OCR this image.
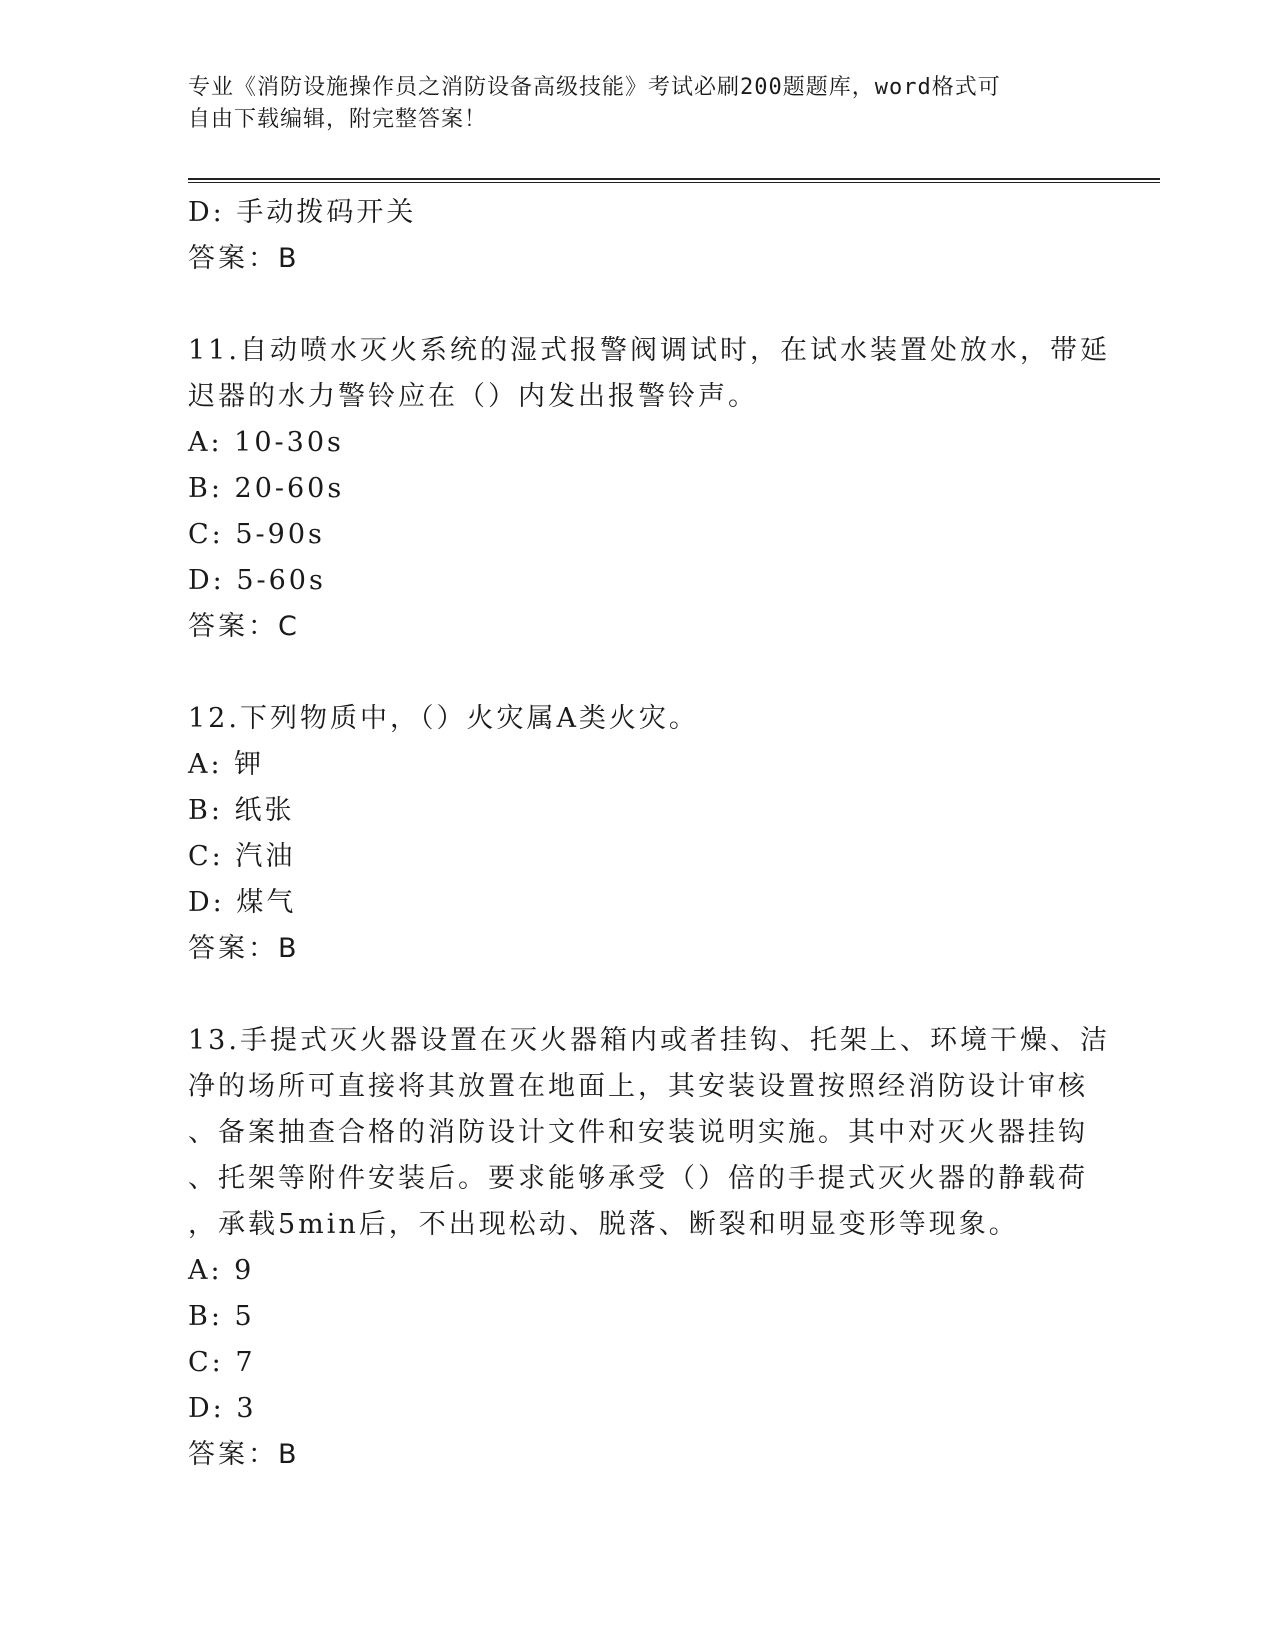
专业《消防设施操作员之消防设备高级技能》考试必刷200题题库，word格式可
自由下载编辑，附完整答案！
D: 手动拨码开关
答案：B
11.自动喷水灭火系统的湿式报警阀调试时，在试水装置处放水，带延
迟器的水力警铃应在（）内发出报警铃声。
A: 10-30s
B: 20-60s
C: 5-90s
D: 5-60s
答案：C
12.下列物质中，（）火灾属A类火灾。
A: 钾
B: 纸张
C: 汽油
D: 煤气
答案：B
13.手提式灭火器设置在灭火器箱内或者挂钩、托架上、环境干燥、洁
净的场所可直接将其放置在地面上，其安装设置按照经消防设计审核
、备案抽查合格的消防设计文件和安装说明实施。其中对灭火器挂钩
、托架等附件安装后。要求能够承受（）倍的手提式灭火器的静载荷
，承载5min后，不出现松动、脱落、断裂和明显变形等现象。
A: 9
B: 5
C: 7
D: 3
答案：B
